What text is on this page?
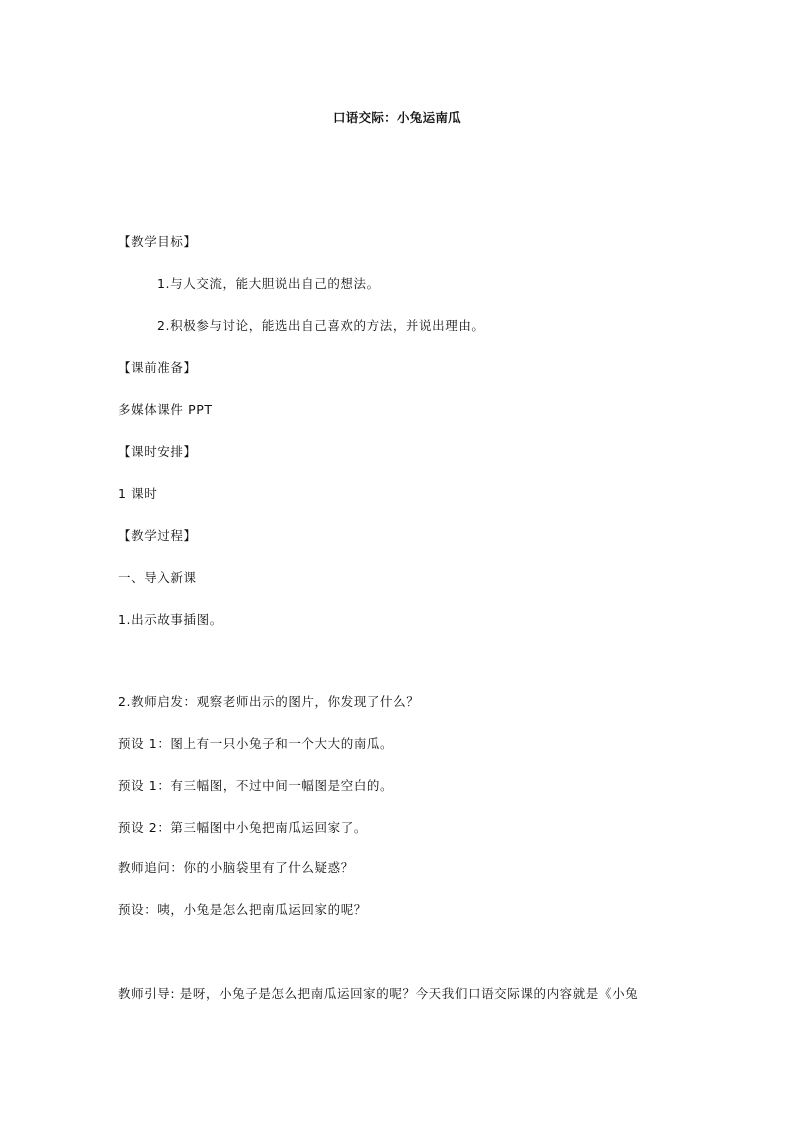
口语交际：小兔运南瓜
【教学目标】
1.与人交流，能大胆说出自己的想法。
2.积极参与讨论，能选出自己喜欢的方法，并说出理由。
【课前准备】
多媒体课件 PPT
【课时安排】
1 课时
【教学过程】
一、导入新课
1.出示故事插图。
2.教师启发：观察老师出示的图片，你发现了什么？
预设 1：图上有一只小兔子和一个大大的南瓜。
预设 1：有三幅图，不过中间一幅图是空白的。
预设 2：第三幅图中小兔把南瓜运回家了。
教师追问：你的小脑袋里有了什么疑惑？
预设：咦，小兔是怎么把南瓜运回家的呢？
教师引导: 是呀，小兔子是怎么把南瓜运回家的呢？今天我们口语交际课的内容就是《小兔
